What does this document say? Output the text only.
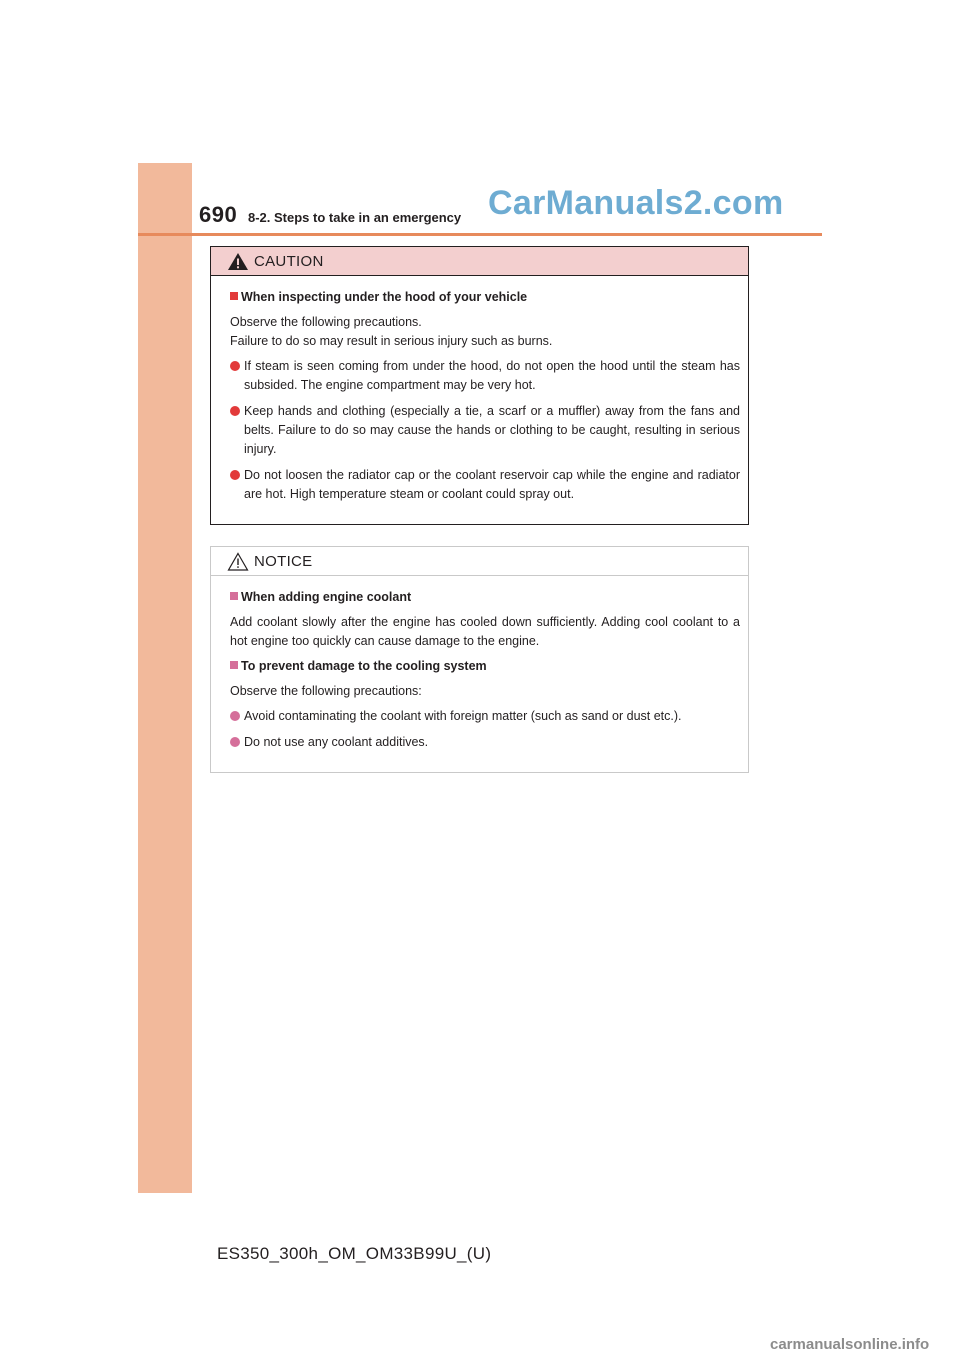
690 8-2. Steps to take in an emergency CarManuals2.com
CAUTION
When inspecting under the hood of your vehicle
Observe the following precautions.
Failure to do so may result in serious injury such as burns.
If steam is seen coming from under the hood, do not open the hood until the steam has subsided. The engine compartment may be very hot.
Keep hands and clothing (especially a tie, a scarf or a muffler) away from the fans and belts. Failure to do so may cause the hands or clothing to be caught, resulting in serious injury.
Do not loosen the radiator cap or the coolant reservoir cap while the engine and radiator are hot. High temperature steam or coolant could spray out.
NOTICE
When adding engine coolant
Add coolant slowly after the engine has cooled down sufficiently. Adding cool coolant to a hot engine too quickly can cause damage to the engine.
To prevent damage to the cooling system
Observe the following precautions:
Avoid contaminating the coolant with foreign matter (such as sand or dust etc.).
Do not use any coolant additives.
ES350_300h_OM_OM33B99U_(U)
carmanualsonline.info
